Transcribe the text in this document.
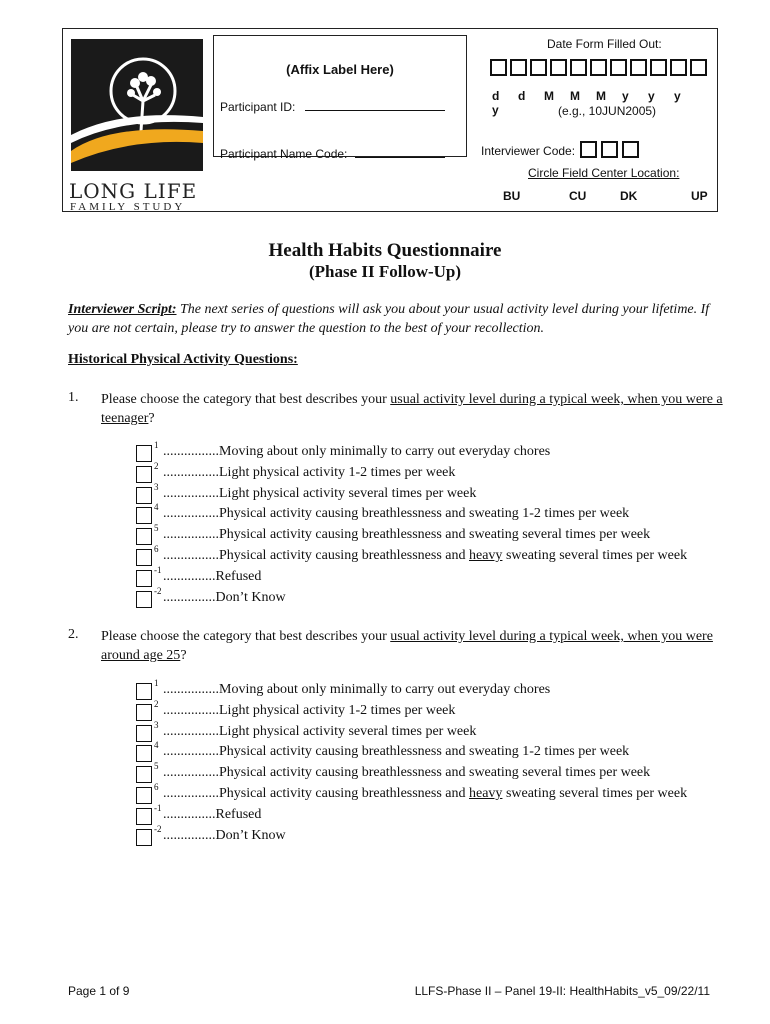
LONG LIFE
FAMILY STUDY
(Affix Label Here)
Participant ID:
Participant Name Code:
Date Form Filled Out:
d d M M M y y yy	(e.g., 10JUN2005)
Interviewer Code:
Circle Field Center Location:
BU	CU	DK	UP
Health Habits Questionnaire
(Phase II Follow-Up)
Interviewer Script: The next series of questions will ask you about your usual activity level during your lifetime. If you are not certain, please try to answer the question to the best of your recollection.
Historical Physical Activity Questions:
1. Please choose the category that best describes your usual activity level during a typical week, when you were a teenager?
1 ................Moving about only minimally to carry out everyday chores
2 ................Light physical activity 1-2 times per week
3 ................Light physical activity several times per week
4 ................Physical activity causing breathlessness and sweating 1-2 times per week
5 ................Physical activity causing breathlessness and sweating several times per week
6 ................Physical activity causing breathlessness and heavy sweating several times per week
-1 ...............Refused
-2 ...............Don’t Know
2. Please choose the category that best describes your usual activity level during a typical week, when you were around age 25?
1 ................Moving about only minimally to carry out everyday chores
2 ................Light physical activity 1-2 times per week
3 ................Light physical activity several times per week
4 ................Physical activity causing breathlessness and sweating 1-2 times per week
5 ................Physical activity causing breathlessness and sweating several times per week
6 ................Physical activity causing breathlessness and heavy sweating several times per week
-1 ...............Refused
-2 ...............Don’t Know
Page 1 of 9	LLFS-Phase II – Panel 19-II: HealthHabits_v5_09/22/11
